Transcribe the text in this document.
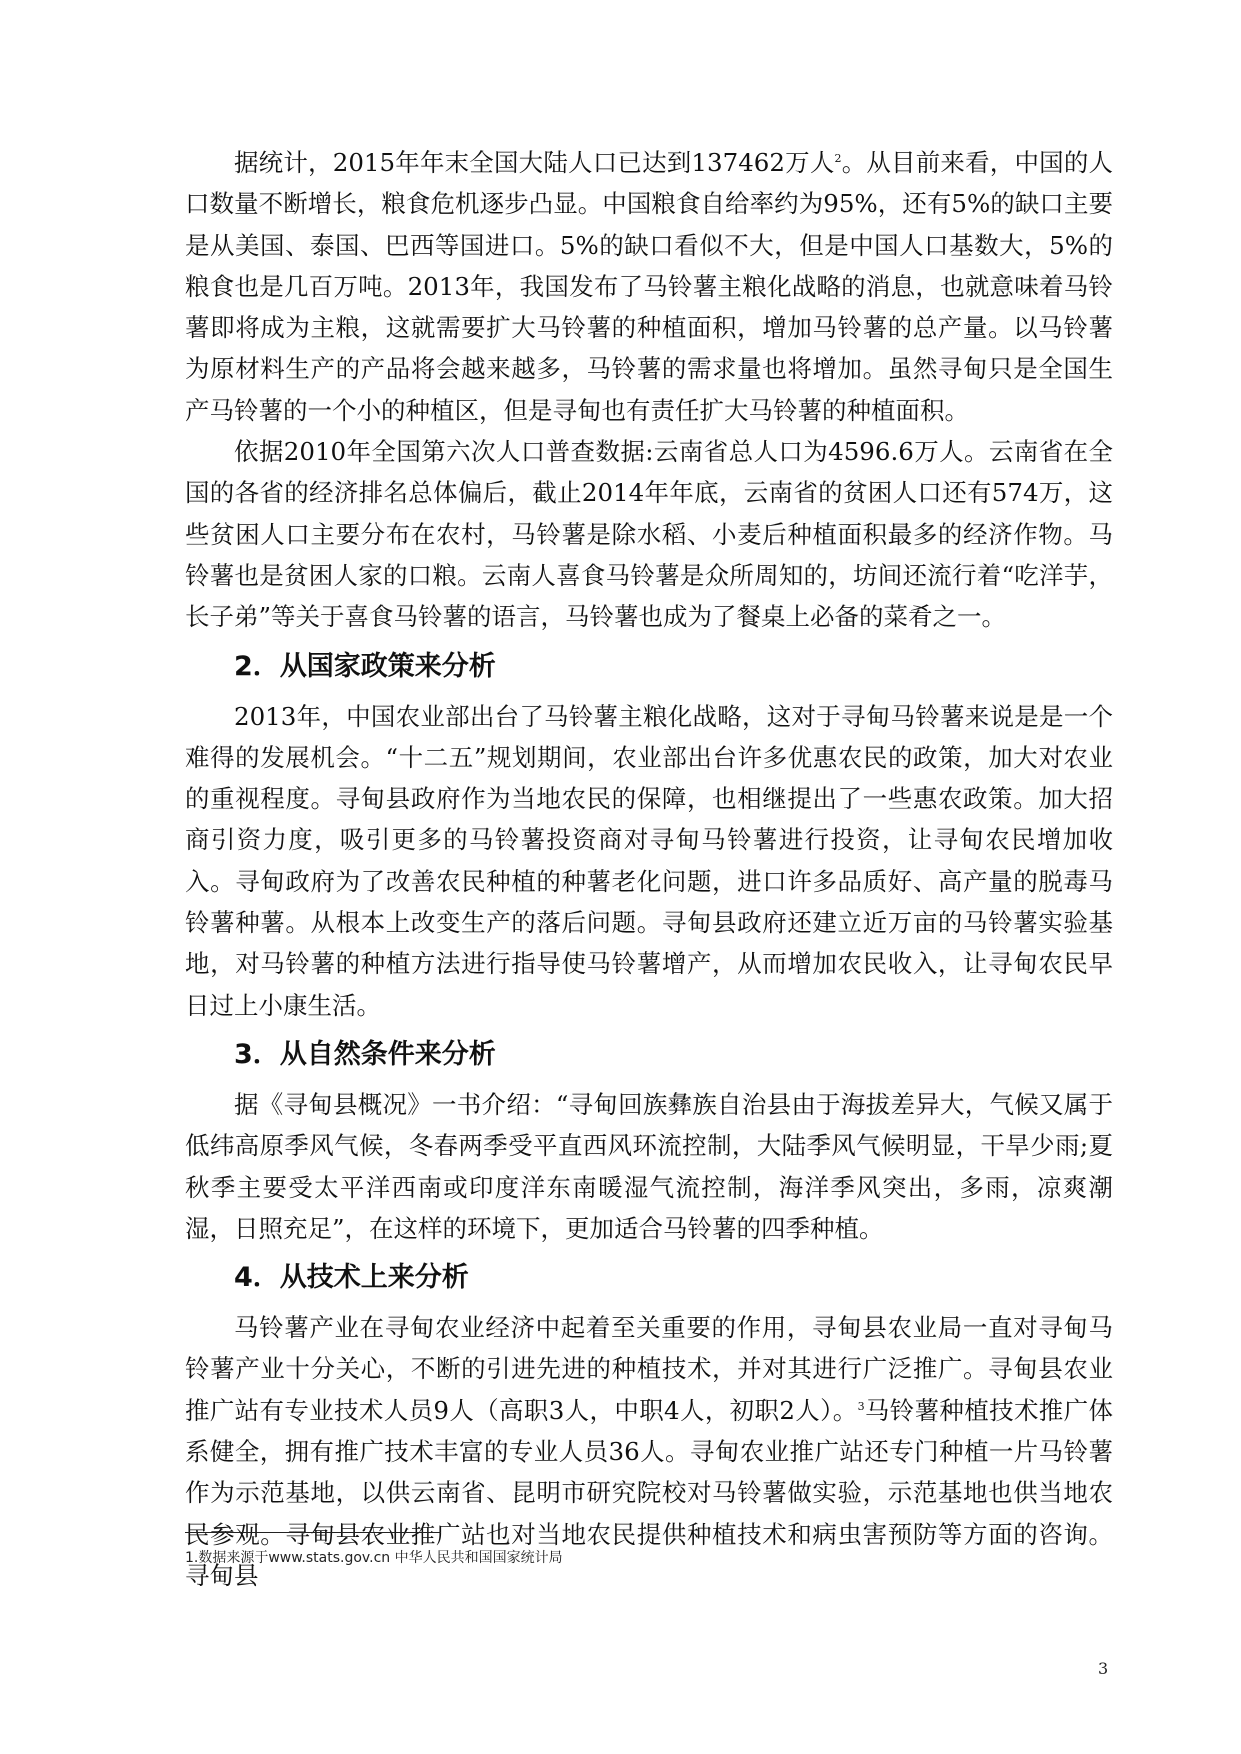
据统计，2015年年末全国大陆人口已达到137462万人$^2$。从目前来看，中国的人口数量不断增长，粮食危机逐步凸显。中国粮食自给率约为95%，还有5%的缺口主要是从美国、泰国、巴西等国进口。5%的缺口看似不大，但是中国人口基数大，5%的粮食也是几百万吨。2013年，我国发布了马铃薯主粮化战略的消息，也就意味着马铃薯即将成为主粮，这就需要扩大马铃薯的种植面积，增加马铃薯的总产量。以马铃薯为原材料生产的产品将会越来越多，马铃薯的需求量也将增加。虽然寻甸只是全国生产马铃薯的一个小的种植区，但是寻甸也有责任扩大马铃薯的种植面积。

依据2010年全国第六次人口普查数据:云南省总人口为4596.6万人。云南省在全国的各省的经济排名总体偏后，截止2014年年底，云南省的贫困人口还有574万，这些贫困人口主要分布在农村，马铃薯是除水稻、小麦后种植面积最多的经济作物。马铃薯也是贫困人家的口粮。云南人喜食马铃薯是众所周知的，坊间还流行着“吃洋芋，长子弟”等关于喜食马铃薯的语言，马铃薯也成为了餐桌上必备的菜肴之一。

2．从国家政策来分析

2013年，中国农业部出台了马铃薯主粮化战略，这对于寻甸马铃薯来说是是一个难得的发展机会。“十二五”规划期间，农业部出台许多优惠农民的政策，加大对农业的重视程度。寻甸县政府作为当地农民的保障，也相继提出了一些惠农政策。加大招商引资力度，吸引更多的马铃薯投资商对寻甸马铃薯进行投资，让寻甸农民增加收入。寻甸政府为了改善农民种植的种薯老化问题，进口许多品质好、高产量的脱毒马铃薯种薯。从根本上改变生产的落后问题。寻甸县政府还建立近万亩的马铃薯实验基地，对马铃薯的种植方法进行指导使马铃薯增产，从而增加农民收入，让寻甸农民早日过上小康生活。

3．从自然条件来分析

据《寻甸县概况》一书介绍：“寻甸回族彝族自治县由于海拔差异大，气候又属于低纬高原季风气候，冬春两季受平直西风环流控制，大陆季风气候明显，干旱少雨;夏秋季主要受太平洋西南或印度洋东南暖湿气流控制，海洋季风突出，多雨，凉爽潮湿，日照充足”，在这样的环境下，更加适合马铃薯的四季种植。

4．从技术上来分析

马铃薯产业在寻甸农业经济中起着至关重要的作用，寻甸县农业局一直对寻甸马铃薯产业十分关心，不断的引进先进的种植技术，并对其进行广泛推广。寻甸县农业推广站有专业技术人员9人（高职3人，中职4人，初职2人）。$^3$马铃薯种植技术推广体系健全，拥有推广技术丰富的专业人员36人。寻甸农业推广站还专门种植一片马铃薯作为示范基地，以供云南省、昆明市研究院校对马铃薯做实验，示范基地也供当地农民参观。寻甸县农业推广站也对当地农民提供种植技术和病虫害预防等方面的咨询。寻甸县

1.数据来源于www.stats.gov.cn 中华人民共和国国家统计局
3
